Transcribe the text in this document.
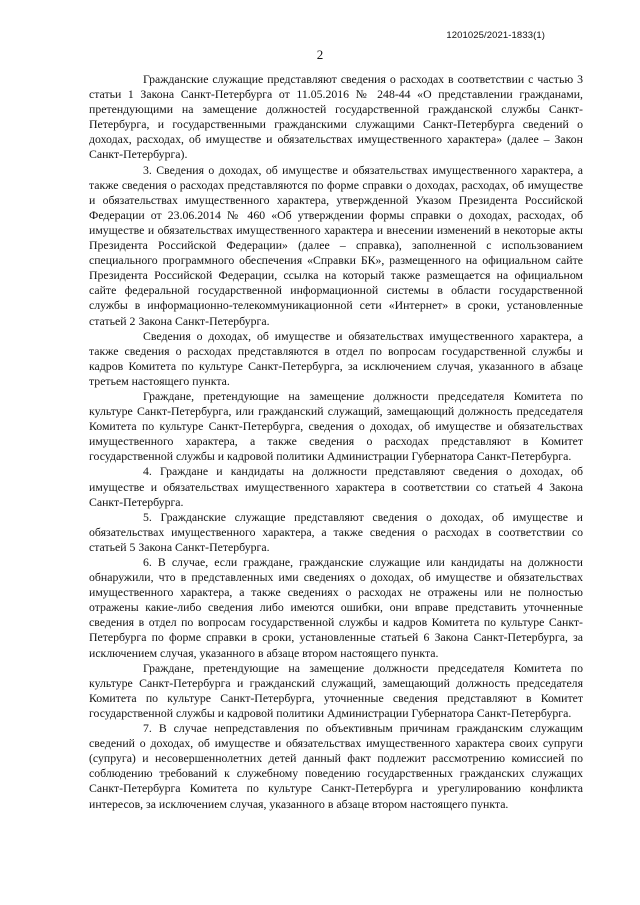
1201025/2021-1833(1)
2

Гражданские служащие представляют сведения о расходах в соответствии с частью 3 статьи 1 Закона Санкт-Петербурга от 11.05.2016 № 248-44 «О представлении гражданами, претендующими на замещение должностей государственной гражданской службы Санкт-Петербурга, и государственными гражданскими служащими Санкт-Петербурга сведений о доходах, расходах, об имуществе и обязательствах имущественного характера» (далее – Закон Санкт-Петербурга).

3. Сведения о доходах, об имуществе и обязательствах имущественного характера, а также сведения о расходах представляются по форме справки о доходах, расходах, об имуществе и обязательствах имущественного характера, утвержденной Указом Президента Российской Федерации от 23.06.2014 № 460 «Об утверждении формы справки о доходах, расходах, об имуществе и обязательствах имущественного характера и внесении изменений в некоторые акты Президента Российской Федерации» (далее – справка), заполненной с использованием специального программного обеспечения «Справки БК», размещенного на официальном сайте Президента Российской Федерации, ссылка на который также размещается на официальном сайте федеральной государственной информационной системы в области государственной службы в информационно-телекоммуникационной сети «Интернет» в сроки, установленные статьей 2 Закона Санкт-Петербурга.

Сведения о доходах, об имуществе и обязательствах имущественного характера, а также сведения о расходах представляются в отдел по вопросам государственной службы и кадров Комитета по культуре Санкт-Петербурга, за исключением случая, указанного в абзаце третьем настоящего пункта.

Граждане, претендующие на замещение должности председателя Комитета по культуре Санкт-Петербурга, или гражданский служащий, замещающий должность председателя Комитета по культуре Санкт-Петербурга, сведения о доходах, об имуществе и обязательствах имущественного характера, а также сведения о расходах представляют в Комитет государственной службы и кадровой политики Администрации Губернатора Санкт-Петербурга.

4. Граждане и кандидаты на должности представляют сведения о доходах, об имуществе и обязательствах имущественного характера в соответствии со статьей 4 Закона Санкт-Петербурга.

5. Гражданские служащие представляют сведения о доходах, об имуществе и обязательствах имущественного характера, а также сведения о расходах в соответствии со статьей 5 Закона Санкт-Петербурга.

6. В случае, если граждане, гражданские служащие или кандидаты на должности обнаружили, что в представленных ими сведениях о доходах, об имуществе и обязательствах имущественного характера, а также сведениях о расходах не отражены или не полностью отражены какие-либо сведения либо имеются ошибки, они вправе представить уточненные сведения в отдел по вопросам государственной службы и кадров Комитета по культуре Санкт-Петербурга по форме справки в сроки, установленные статьей 6 Закона Санкт-Петербурга, за исключением случая, указанного в абзаце втором настоящего пункта.

Граждане, претендующие на замещение должности председателя Комитета по культуре Санкт-Петербурга и гражданский служащий, замещающий должность председателя Комитета по культуре Санкт-Петербурга, уточненные сведения представляют в Комитет государственной службы и кадровой политики Администрации Губернатора Санкт-Петербурга.

7. В случае непредставления по объективным причинам гражданским служащим сведений о доходах, об имуществе и обязательствах имущественного характера своих супруги (супруга) и несовершеннолетних детей данный факт подлежит рассмотрению комиссией по соблюдению требований к служебному поведению государственных гражданских служащих Санкт-Петербурга Комитета по культуре Санкт-Петербурга и урегулированию конфликта интересов, за исключением случая, указанного в абзаце втором настоящего пункта.
